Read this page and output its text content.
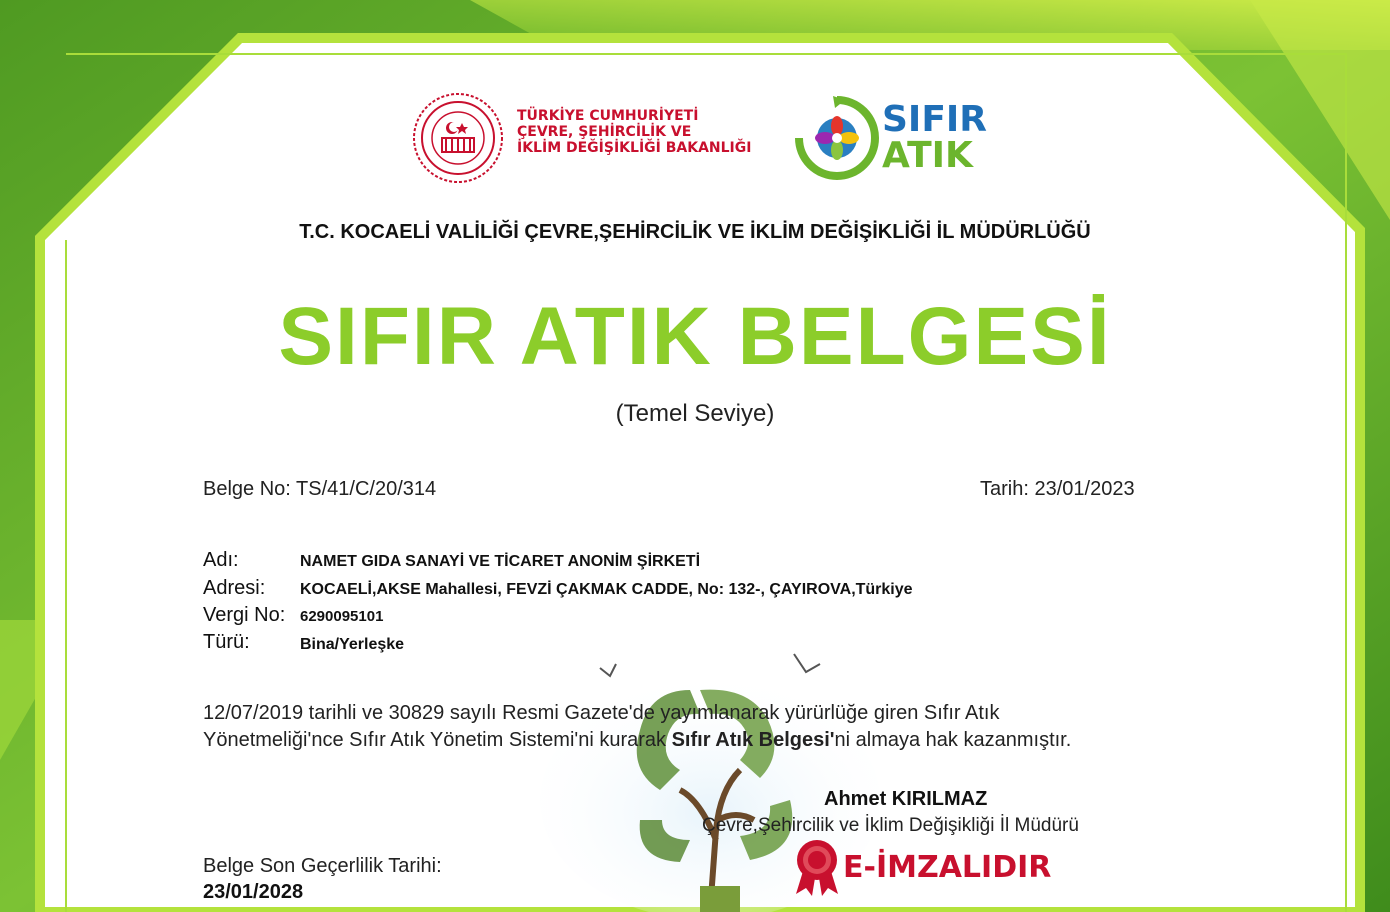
TÜRKİYE CUMHURİYETİ
ÇEVRE, ŞEHİRCİLİK VE
İKLİM DEĞİŞİKLİĞİ BAKANLIĞI
SIFIR
ATIK
T.C. KOCAELİ VALİLİĞİ ÇEVRE,ŞEHİRCİLİK VE İKLİM DEĞİŞİKLİĞİ İL MÜDÜRLÜĞÜ
SIFIR ATIK BELGESİ
(Temel Seviye)
Belge No: TS/41/C/20/314	Tarih: 23/01/2023
Adı:	NAMET GIDA SANAYİ VE TİCARET ANONİM ŞİRKETİ
Adresi: KOCAELİ,AKSE Mahallesi, FEVZİ ÇAKMAK CADDE, No: 132-, ÇAYIROVA,Türkiye
Vergi No: 6290095101
Türü:	Bina/Yerleşke
12/07/2019 tarihli ve 30829 sayılı Resmi Gazete'de yayımlanarak yürürlüğe giren Sıfır Atık
Yönetmeliği'nce Sıfır Atık Yönetim Sistemi'ni kurarak Sıfır Atık Belgesi'ni almaya hak kazanmıştır.
Ahmet KIRILMAZ
Çevre,Şehircilik ve İklim Değişikliği İl Müdürü
E-İMZALIDIR
Belge Son Geçerlilik Tarihi:
23/01/2028
